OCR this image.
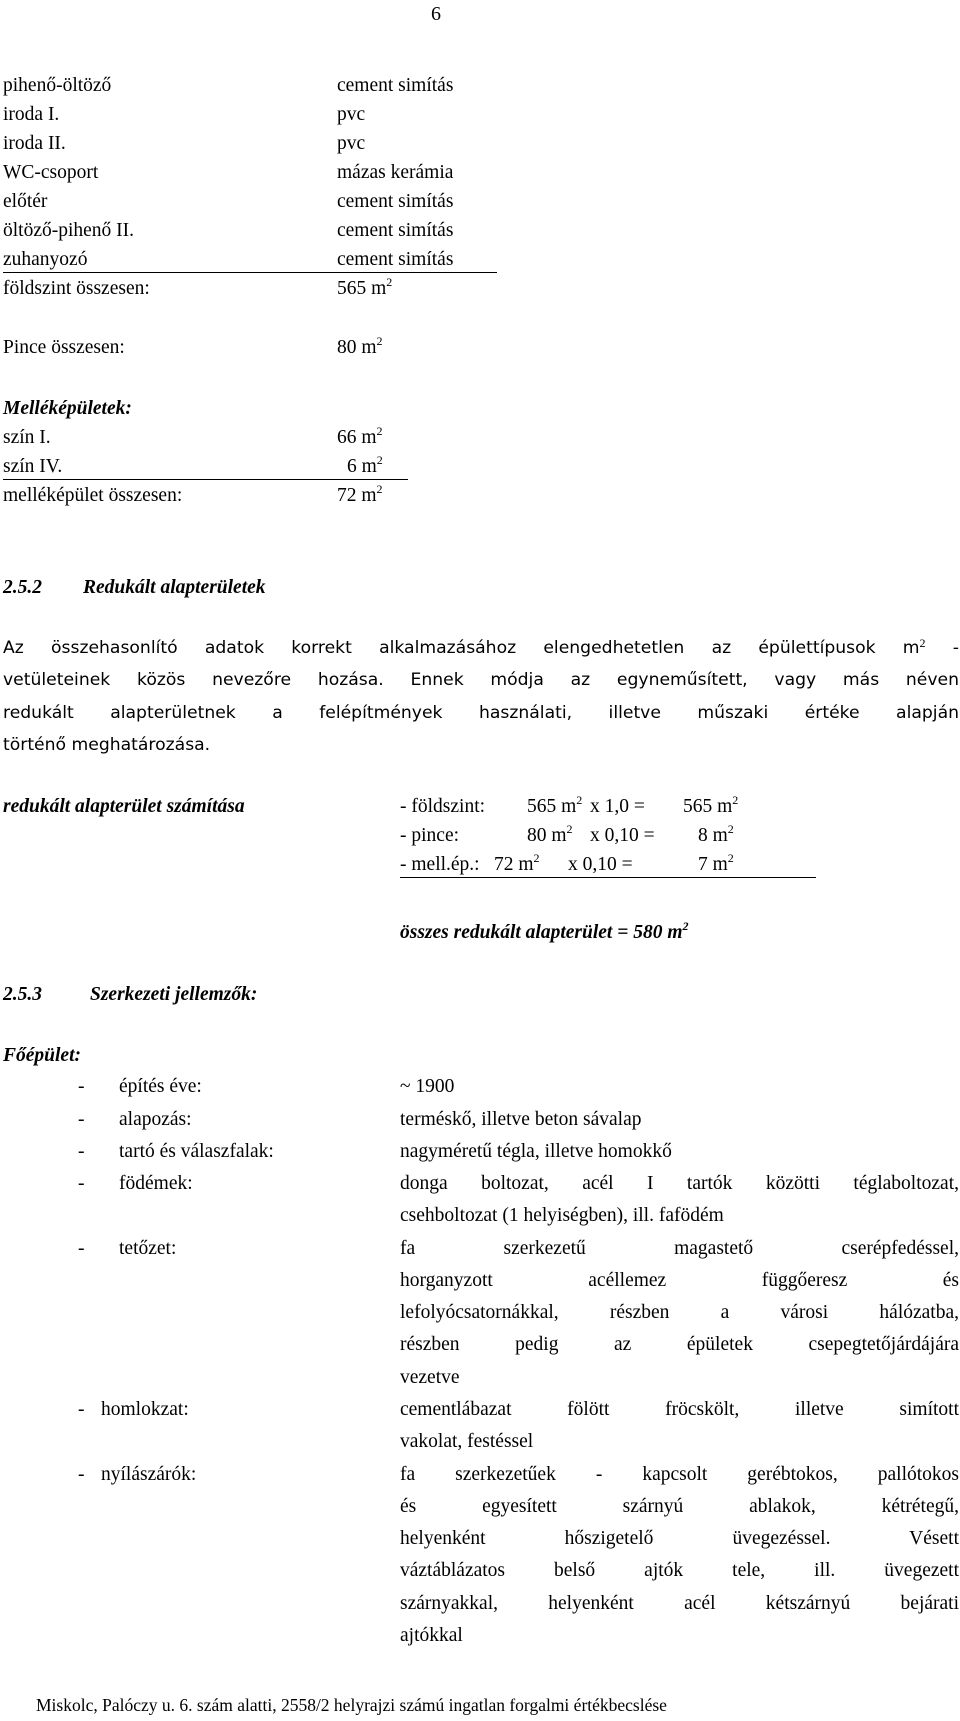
6
pihenő-öltöző	cement simítás
iroda I.	pvc
iroda II.	pvc
WC-csoport	mázas kerámia
előtér	cement simítás
öltöző-pihenő II.	cement simítás
zuhanyozó	cement simítás
földszint összesen:	565 $m^2$
Pince összesen:	80 $m^2$
Melléképületek:
szín I.	66 $m^2$
szín IV.	6 $m^2$
melléképület összesen:	72 $m^2$
2.5.2 Redukált alapterületek
Az összehasonlító adatok korrekt alkalmazásához elengedhetetlen az épülettípusok $m^2$ -
vetületeinek közös nevezőre hozása. Ennek módja az egyneműsített, vagy más néven
redukált alapterületnek a felépítmények használati, illetve műszaki értéke alapján
történő meghatározása.
redukált alapterület számítása	- földszint: 565 $m^2$ x 1,0 = 565 $m^2$
- pince:	80 $m^2$ x 0,10 = 8 $m^2$
- mell.ép.: 72 $m^2$ x 0,10 =	7 $m^2$
összes redukált alapterület = 580 $m^2$
2.5.3 Szerkezeti jellemzők:
Főépület:
- építés éve:	~ 1900
- alapozás:	terméskő, illetve beton sávalap
- tartó és válaszfalak:	nagyméretű tégla, illetve homokkő
- födémek:	donga boltozat, acél I tartók közötti téglaboltozat,
csehboltozat (1 helyiségben), ill. fafödém
- tetőzet:	fa szerkezetű magastető cserépfedéssel,
horganyzott acéllemez függőeresz és
lefolyócsatornákkal, részben a városi hálózatba,
részben pedig az épületek csepegtetőjárdájára
vezetve
- homlokzat:	cementlábazat fölött fröcskölt, illetve simított
vakolat, festéssel
- nyílászárók:	fa szerkezetűek - kapcsolt gerébtokos, pallótokos
és egyesített szárnyú ablakok, kétrétegű,
helyenként hőszigetelő üvegezéssel. Vésett
váztáblázatos belső ajtók tele, ill. üvegezett
szárnyakkal, helyenként acél kétszárnyú bejárati
ajtókkal
Miskolc, Palóczy u. 6. szám alatti, 2558/2 helyrajzi számú ingatlan forgalmi értékbecslése
